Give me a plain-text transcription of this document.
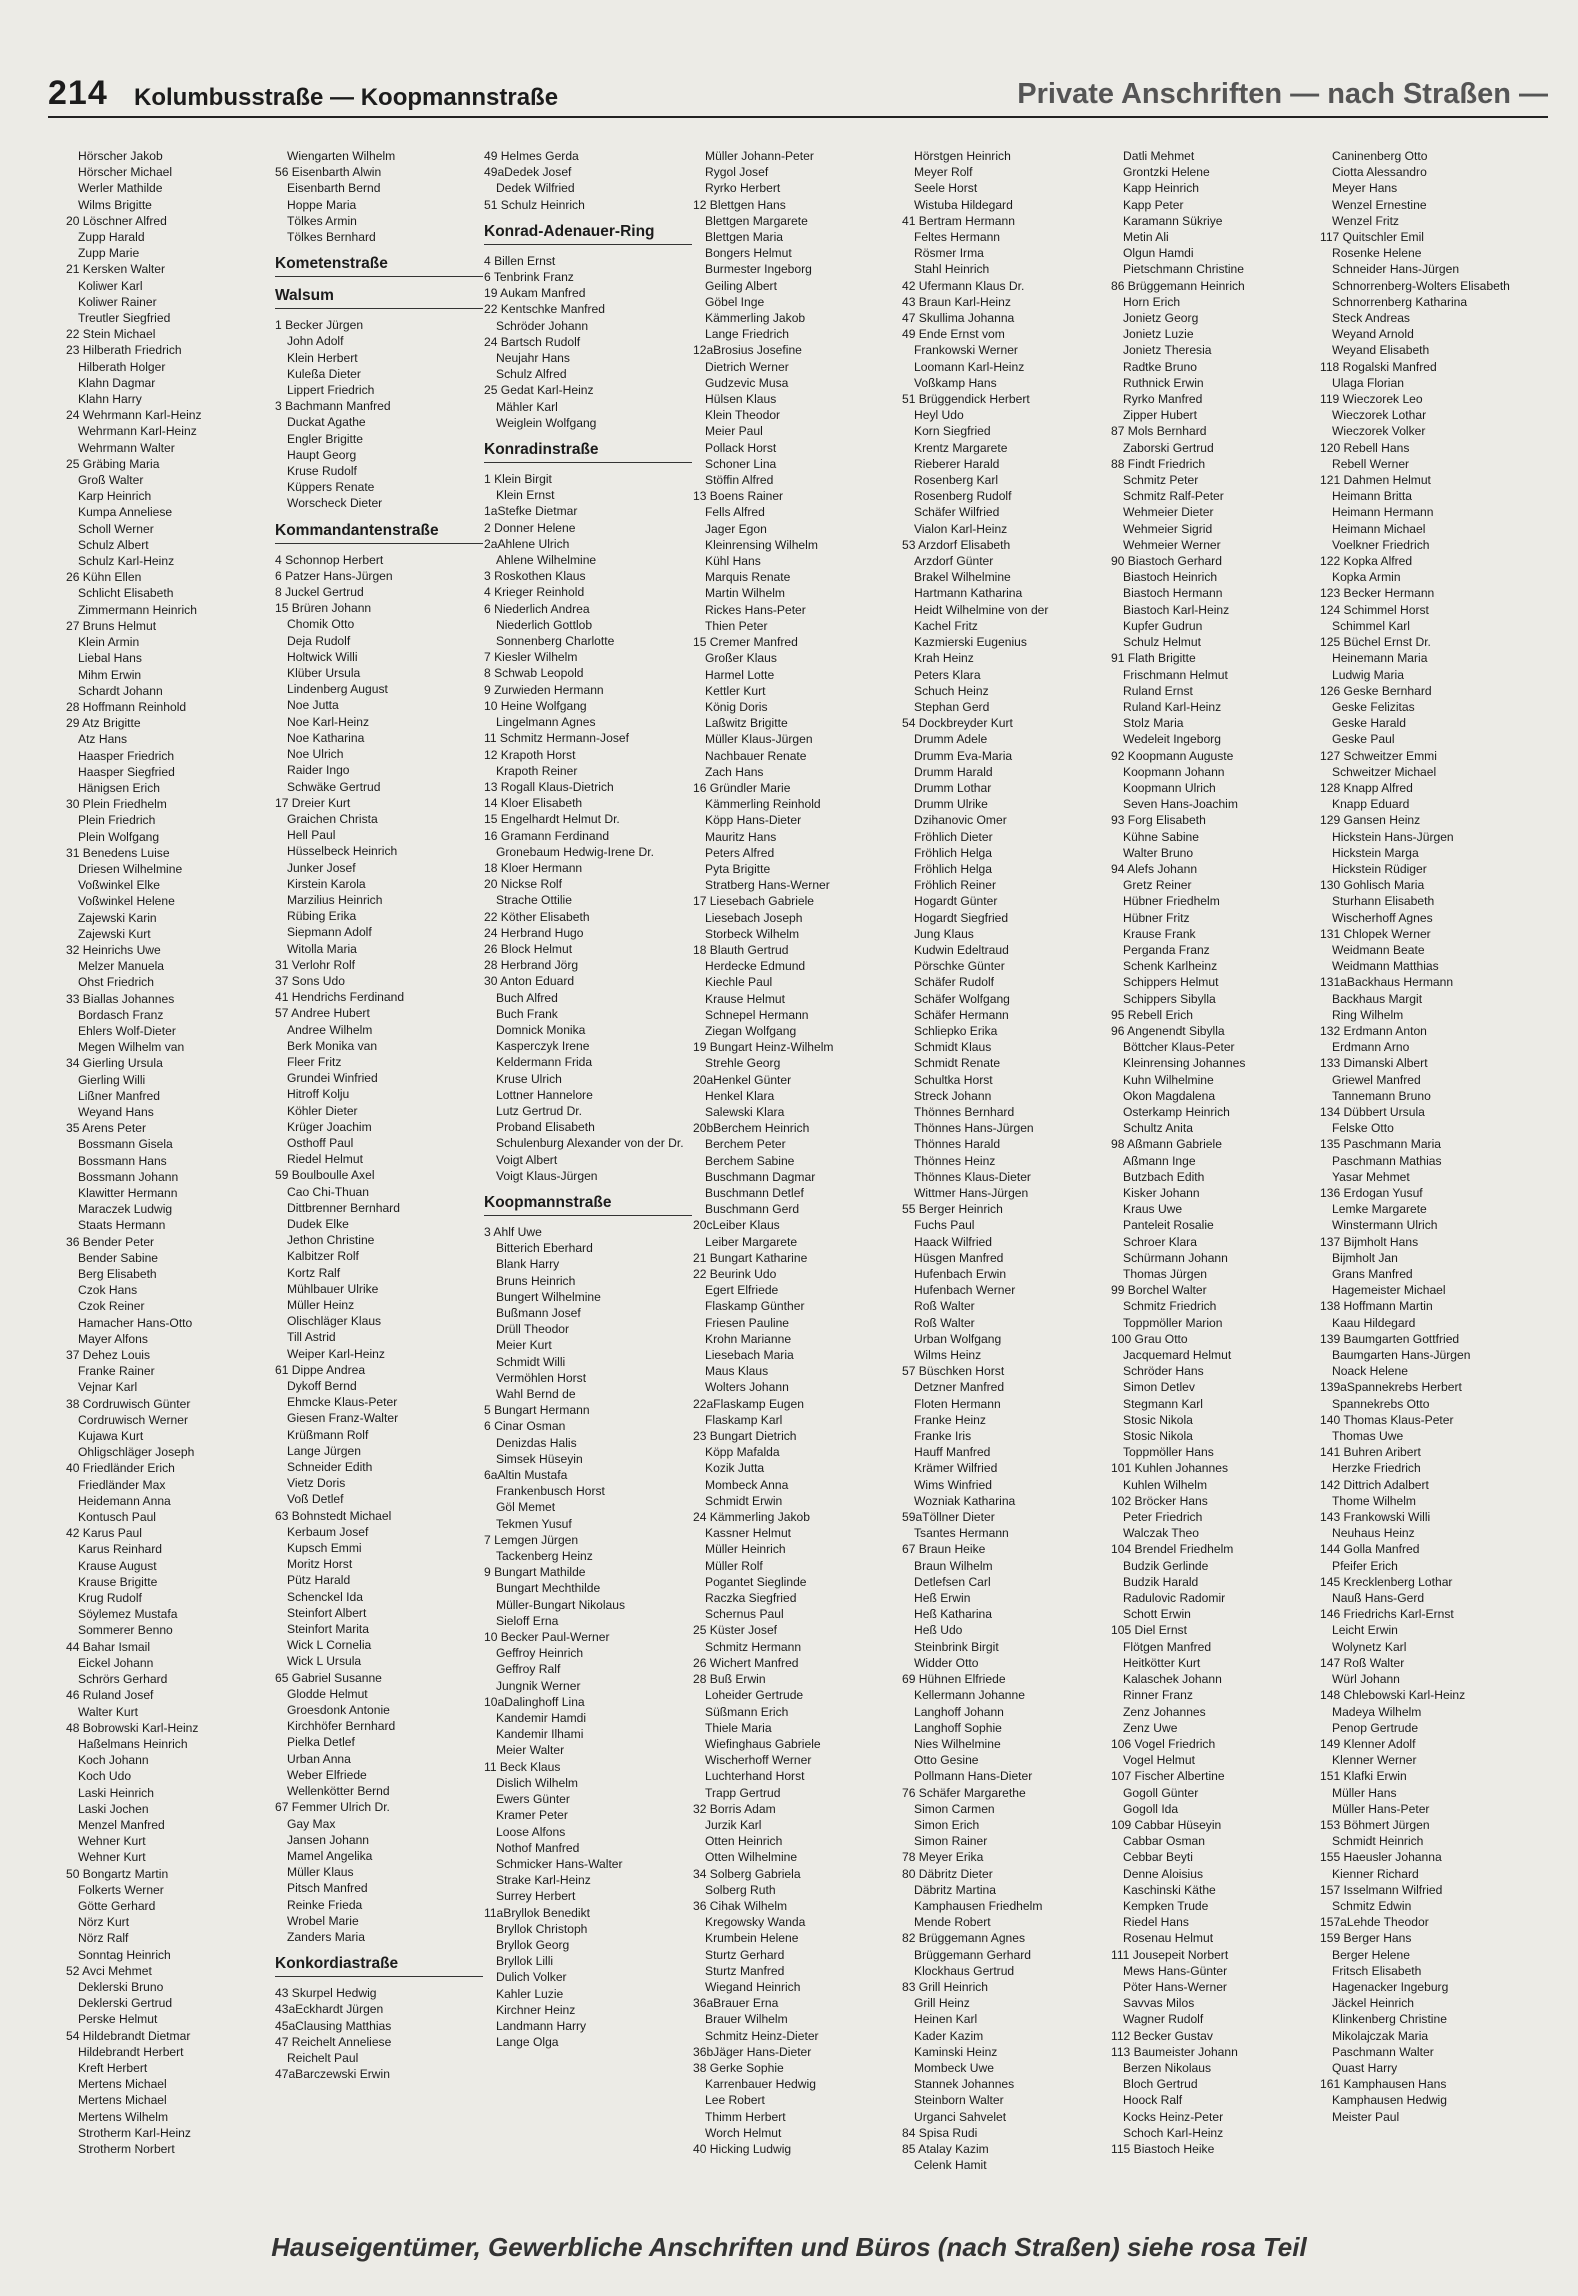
214 Kolumbusstraße — Koopmannstraße	Private Anschriften — nach Straßen —
Hörscher Jakob
Hörscher Michael
Werler Mathilde
Wilms Brigitte
20 Löschner Alfred
Zupp Harald
Zupp Marie
21 Kersken Walter
Koliwer Karl
Koliwer Rainer
Treutler Siegfried
22 Stein Michael
23 Hilberath Friedrich
Hilberath Holger
Klahn Dagmar
Klahn Harry
24 Wehrmann Karl-Heinz
Wehrmann Karl-Heinz
Wehrmann Walter
25 Gräbing Maria
Groß Walter
Karp Heinrich
Kumpa Anneliese
Scholl Werner
Schulz Albert
Schulz Karl-Heinz
26 Kühn Ellen
Schlicht Elisabeth
Zimmermann Heinrich
27 Bruns Helmut
Klein Armin
Liebal Hans
Mihm Erwin
Schardt Johann
28 Hoffmann Reinhold
29 Atz Brigitte
Atz Hans
Haasper Friedrich
Haasper Siegfried
Hänigsen Erich
30 Plein Friedhelm
Plein Friedrich
Plein Wolfgang
31 Benedens Luise
Driesen Wilhelmine
Voßwinkel Elke
Voßwinkel Helene
Zajewski Karin
Zajewski Kurt
32 Heinrichs Uwe
Melzer Manuela
Ohst Friedrich
33 Biallas Johannes
Bordasch Franz
Ehlers Wolf-Dieter
Megen Wilhelm van
34 Gierling Ursula
Gierling Willi
Lißner Manfred
Weyand Hans
35 Arens Peter
Bossmann Gisela
Bossmann Hans
Bossmann Johann
Klawitter Hermann
Maraczek Ludwig
Staats Hermann
36 Bender Peter
Bender Sabine
Berg Elisabeth
Czok Hans
Czok Reiner
Hamacher Hans-Otto
Mayer Alfons
37 Dehez Louis
Franke Rainer
Vejnar Karl
38 Cordruwisch Günter
Cordruwisch Werner
Kujawa Kurt
Ohligschläger Joseph
40 Friedländer Erich
Friedländer Max
Heidemann Anna
Kontusch Paul
42 Karus Paul
Karus Reinhard
Krause August
Krause Brigitte
Krug Rudolf
Söylemez Mustafa
Sommerer Benno
44 Bahar Ismail
Eickel Johann
Schrörs Gerhard
46 Ruland Josef
Walter Kurt
48 Bobrowski Karl-Heinz
Haßelmans Heinrich
Koch Johann
Koch Udo
Laski Heinrich
Laski Jochen
Menzel Manfred
Wehner Kurt
Wehner Kurt
50 Bongartz Martin
Folkerts Werner
Götte Gerhard
Nörz Kurt
Nörz Ralf
Sonntag Heinrich
52 Avci Mehmet
Deklerski Bruno
Deklerski Gertrud
Perske Helmut
54 Hildebrandt Dietmar
Hildebrandt Herbert
Kreft Herbert
Mertens Michael
Mertens Michael
Mertens Wilhelm
Strotherm Karl-Heinz
Strotherm Norbert
Wiengarten Wilhelm
56 Eisenbarth Alwin
Eisenbarth Bernd
Hoppe Maria
Tölkes Armin
Tölkes Bernhard
Kometenstraße
Walsum
1 Becker Jürgen
John Adolf
Klein Herbert
Kuleßa Dieter
Lippert Friedrich
3 Bachmann Manfred
Duckat Agathe
Engler Brigitte
Haupt Georg
Kruse Rudolf
Küppers Renate
Worscheck Dieter
Kommandantenstraße
4 Schonnop Herbert
6 Patzer Hans-Jürgen
8 Juckel Gertrud
15 Brüren Johann
Chomik Otto
Deja Rudolf
Holtwick Willi
Klüber Ursula
Lindenberg August
Noe Jutta
Noe Karl-Heinz
Noe Katharina
Noe Ulrich
Raider Ingo
Schwäke Gertrud
17 Dreier Kurt
Graichen Christa
Hell Paul
Hüsselbeck Heinrich
Junker Josef
Kirstein Karola
Marzilius Heinrich
Rübing Erika
Siepmann Adolf
Witolla Maria
31 Verlohr Rolf
37 Sons Udo
41 Hendrichs Ferdinand
57 Andree Hubert
Andree Wilhelm
Berk Monika van
Fleer Fritz
Grundei Winfried
Hitroff Kolju
Köhler Dieter
Krüger Joachim
Osthoff Paul
Riedel Helmut
59 Boulboulle Axel
Cao Chi-Thuan
Dittbrenner Bernhard
Dudek Elke
Jethon Christine
Kalbitzer Rolf
Kortz Ralf
Mühlbauer Ulrike
Müller Heinz
Olischläger Klaus
Till Astrid
Weiper Karl-Heinz
61 Dippe Andrea
Dykoff Bernd
Ehmcke Klaus-Peter
Giesen Franz-Walter
Krüßmann Rolf
Lange Jürgen
Schneider Edith
Vietz Doris
Voß Detlef
63 Bohnstedt Michael
Kerbaum Josef
Kupsch Emmi
Moritz Horst
Pütz Harald
Schenckel Ida
Steinfort Albert
Steinfort Marita
Wick L Cornelia
Wick L Ursula
65 Gabriel Susanne
Glodde Helmut
Groesdonk Antonie
Kirchhöfer Bernhard
Pielka Detlef
Urban Anna
Weber Elfriede
Wellenkötter Bernd
67 Femmer Ulrich Dr.
Gay Max
Jansen Johann
Mamel Angelika
Müller Klaus
Pitsch Manfred
Reinke Frieda
Wrobel Marie
Zanders Maria
Konkordiastraße
43 Skurpel Hedwig
43aEckhardt Jürgen
45aClausing Matthias
47 Reichelt Anneliese
Reichelt Paul
47aBarczewski Erwin
49 Helmes Gerda
49aDedek Josef
Dedek Wilfried
51 Schulz Heinrich
Konrad-Adenauer-Ring
4 Billen Ernst
6 Tenbrink Franz
19 Aukam Manfred
22 Kentschke Manfred
Schröder Johann
24 Bartsch Rudolf
Neujahr Hans
Schulz Alfred
25 Gedat Karl-Heinz
Mähler Karl
Weiglein Wolfgang
Konradinstraße
1 Klein Birgit
Klein Ernst
1aStefke Dietmar
2 Donner Helene
2aAhlene Ulrich
Ahlene Wilhelmine
3 Roskothen Klaus
4 Krieger Reinhold
6 Niederlich Andrea
Niederlich Gottlob
Sonnenberg Charlotte
7 Kiesler Wilhelm
8 Schwab Leopold
9 Zurwieden Hermann
10 Heine Wolfgang
Lingelmann Agnes
11 Schmitz Hermann-Josef
12 Krapoth Horst
Krapoth Reiner
13 Rogall Klaus-Dietrich
14 Kloer Elisabeth
15 Engelhardt Helmut Dr.
16 Gramann Ferdinand
Gronebaum Hedwig-Irene Dr.
18 Kloer Hermann
20 Nickse Rolf
Strache Ottilie
22 Köther Elisabeth
24 Herbrand Hugo
26 Block Helmut
28 Herbrand Jörg
30 Anton Eduard
Buch Alfred
Buch Frank
Domnick Monika
Kasperczyk Irene
Keldermann Frida
Kruse Ulrich
Lottner Hannelore
Lutz Gertrud Dr.
Proband Elisabeth
Schulenburg Alexander von der Dr.
Voigt Albert
Voigt Klaus-Jürgen
Koopmannstraße
3 Ahlf Uwe
Bitterich Eberhard
Blank Harry
Bruns Heinrich
Bungert Wilhelmine
Bußmann Josef
Drüll Theodor
Meier Kurt
Schmidt Willi
Vermöhlen Horst
Wahl Bernd de
5 Bungart Hermann
6 Cinar Osman
Denizdas Halis
Simsek Hüseyin
6aAltin Mustafa
Frankenbusch Horst
Göl Memet
Tekmen Yusuf
7 Lemgen Jürgen
Tackenberg Heinz
9 Bungart Mathilde
Bungart Mechthilde
Müller-Bungart Nikolaus
Sieloff Erna
10 Becker Paul-Werner
Geffroy Heinrich
Geffroy Ralf
Jungnik Werner
10aDalinghoff Lina
Kandemir Hamdi
Kandemir Ilhami
Meier Walter
11 Beck Klaus
Dislich Wilhelm
Ewers Günter
Kramer Peter
Loose Alfons
Nothof Manfred
Schmicker Hans-Walter
Strake Karl-Heinz
Surrey Herbert
11aBryllok Benedikt
Bryllok Christoph
Bryllok Georg
Bryllok Lilli
Dulich Volker
Kahler Luzie
Kirchner Heinz
Landmann Harry
Lange Olga
Müller Johann-Peter
Rygol Josef
Ryrko Herbert
12 Blettgen Hans
Blettgen Margarete
Blettgen Maria
Bongers Helmut
Burmester Ingeborg
Geiling Albert
Göbel Inge
Kämmerling Jakob
Lange Friedrich
12aBrosius Josefine
Dietrich Werner
Gudzevic Musa
Hülsen Klaus
Klein Theodor
Meier Paul
Pollack Horst
Schoner Lina
Stöffin Alfred
13 Boens Rainer
Fells Alfred
Jager Egon
Kleinrensing Wilhelm
Kühl Hans
Marquis Renate
Martin Wilhelm
Rickes Hans-Peter
Thien Peter
15 Cremer Manfred
Großer Klaus
Harmel Lotte
Kettler Kurt
König Doris
Laßwitz Brigitte
Müller Klaus-Jürgen
Nachbauer Renate
Zach Hans
16 Gründler Marie
Kämmerling Reinhold
Köpp Hans-Dieter
Mauritz Hans
Peters Alfred
Pyta Brigitte
Stratberg Hans-Werner
17 Liesebach Gabriele
Liesebach Joseph
Storbeck Wilhelm
18 Blauth Gertrud
Herdecke Edmund
Kiechle Paul
Krause Helmut
Schnepel Hermann
Ziegan Wolfgang
19 Bungart Heinz-Wilhelm
Strehle Georg
20aHenkel Günter
Henkel Klara
Salewski Klara
20bBerchem Heinrich
Berchem Peter
Berchem Sabine
Buschmann Dagmar
Buschmann Detlef
Buschmann Gerd
20cLeiber Klaus
Leiber Margarete
21 Bungart Katharine
22 Beurink Udo
Egert Elfriede
Flaskamp Günther
Friesen Pauline
Krohn Marianne
Liesebach Maria
Maus Klaus
Wolters Johann
22aFlaskamp Eugen
Flaskamp Karl
23 Bungart Dietrich
Köpp Mafalda
Kozik Jutta
Mombeck Anna
Schmidt Erwin
24 Kämmerling Jakob
Kassner Helmut
Müller Heinrich
Müller Rolf
Pogantet Sieglinde
Raczka Siegfried
Schernus Paul
25 Küster Josef
Schmitz Hermann
26 Wichert Manfred
28 Buß Erwin
Loheider Gertrude
Süßmann Erich
Thiele Maria
Wiefinghaus Gabriele
Wischerhoff Werner
Luchterhand Horst
Trapp Gertrud
32 Borris Adam
Jurzik Karl
Otten Heinrich
Otten Wilhelmine
34 Solberg Gabriela
Solberg Ruth
36 Cihak Wilhelm
Kregowsky Wanda
Krumbein Helene
Sturtz Gerhard
Sturtz Manfred
Wiegand Heinrich
36aBrauer Erna
Brauer Wilhelm
Schmitz Heinz-Dieter
36bJäger Hans-Dieter
38 Gerke Sophie
Karrenbauer Hedwig
Lee Robert
Thimm Herbert
Worch Helmut
40 Hicking Ludwig
Hörstgen Heinrich
Meyer Rolf
Seele Horst
Wistuba Hildegard
41 Bertram Hermann
Feltes Hermann
Rösmer Irma
Stahl Heinrich
42 Ufermann Klaus Dr.
43 Braun Karl-Heinz
47 Skullima Johanna
49 Ende Ernst vom
Frankowski Werner
Loomann Karl-Heinz
Voßkamp Hans
51 Brüggendick Herbert
Heyl Udo
Korn Siegfried
Krentz Margarete
Rieberer Harald
Rosenberg Karl
Rosenberg Rudolf
Schäfer Wilfried
Vialon Karl-Heinz
53 Arzdorf Elisabeth
Arzdorf Günter
Brakel Wilhelmine
Hartmann Katharina
Heidt Wilhelmine von der
Kachel Fritz
Kazmierski Eugenius
Krah Heinz
Peters Klara
Schuch Heinz
Stephan Gerd
54 Dockbreyder Kurt
Drumm Adele
Drumm Eva-Maria
Drumm Harald
Drumm Lothar
Drumm Ulrike
Dzihanovic Omer
Fröhlich Dieter
Fröhlich Helga
Fröhlich Helga
Fröhlich Reiner
Hogardt Günter
Hogardt Siegfried
Jung Klaus
Kudwin Edeltraud
Pörschke Günter
Schäfer Rudolf
Schäfer Wolfgang
Schäfer Hermann
Schliepko Erika
Schmidt Klaus
Schmidt Renate
Schultka Horst
Streck Johann
Thönnes Bernhard
Thönnes Hans-Jürgen
Thönnes Harald
Thönnes Heinz
Thönnes Klaus-Dieter
Wittmer Hans-Jürgen
55 Berger Heinrich
Fuchs Paul
Haack Wilfried
Hüsgen Manfred
Hufenbach Erwin
Hufenbach Werner
Roß Walter
Roß Walter
Urban Wolfgang
Wilms Heinz
57 Büschken Horst
Detzner Manfred
Floten Hermann
Franke Heinz
Franke Iris
Hauff Manfred
Krämer Wilfried
Wims Winfried
Wozniak Katharina
59aTöllner Dieter
Tsantes Hermann
67 Braun Heike
Braun Wilhelm
Detlefsen Carl
Heß Erwin
Heß Katharina
Heß Udo
Steinbrink Birgit
Widder Otto
69 Hühnen Elfriede
Kellermann Johanne
Langhoff Johann
Langhoff Sophie
Nies Wilhelmine
Otto Gesine
Pollmann Hans-Dieter
76 Schäfer Margarethe
Simon Carmen
Simon Erich
Simon Rainer
78 Meyer Erika
80 Däbritz Dieter
Däbritz Martina
Kamphausen Friedhelm
Mende Robert
82 Brüggemann Agnes
Brüggemann Gerhard
Klockhaus Gertrud
83 Grill Heinrich
Grill Heinz
Heinen Karl
Kader Kazim
Kaminski Heinz
Mombeck Uwe
Stannek Johannes
Steinborn Walter
Urganci Sahvelet
84 Spisa Rudi
85 Atalay Kazim
Celenk Hamit
Datli Mehmet
Grontzki Helene
Kapp Heinrich
Kapp Peter
Karamann Sükriye
Metin Ali
Olgun Hamdi
Pietschmann Christine
86 Brüggemann Heinrich
Horn Erich
Jonietz Georg
Jonietz Luzie
Jonietz Theresia
Radtke Bruno
Ruthnick Erwin
Ryrko Manfred
Zipper Hubert
87 Mols Bernhard
Zaborski Gertrud
88 Findt Friedrich
Schmitz Peter
Schmitz Ralf-Peter
Wehmeier Dieter
Wehmeier Sigrid
Wehmeier Werner
90 Biastoch Gerhard
Biastoch Heinrich
Biastoch Hermann
Biastoch Karl-Heinz
Kupfer Gudrun
Schulz Helmut
91 Flath Brigitte
Frischmann Helmut
Ruland Ernst
Ruland Karl-Heinz
Stolz Maria
Wedeleit Ingeborg
92 Koopmann Auguste
Koopmann Johann
Koopmann Ulrich
Seven Hans-Joachim
93 Forg Elisabeth
Kühne Sabine
Walter Bruno
94 Alefs Johann
Gretz Reiner
Hübner Friedhelm
Hübner Fritz
Krause Frank
Perganda Franz
Schenk Karlheinz
Schippers Helmut
Schippers Sibylla
95 Rebell Erich
96 Angenendt Sibylla
Böttcher Klaus-Peter
Kleinrensing Johannes
Kuhn Wilhelmine
Okon Magdalena
Osterkamp Heinrich
Schultz Anita
98 Aßmann Gabriele
Aßmann Inge
Butzbach Edith
Kisker Johann
Kraus Uwe
Panteleit Rosalie
Schroer Klara
Schürmann Johann
Thomas Jürgen
99 Borchel Walter
Schmitz Friedrich
Toppmöller Marion
100 Grau Otto
Jacquemard Helmut
Schröder Hans
Simon Detlev
Stegmann Karl
Stosic Nikola
Stosic Nikola
Toppmöller Hans
101 Kuhlen Johannes
Kuhlen Wilhelm
102 Bröcker Hans
Peter Friedrich
Walczak Theo
104 Brendel Friedhelm
Budzik Gerlinde
Budzik Harald
Radulovic Radomir
Schott Erwin
105 Diel Ernst
Flötgen Manfred
Heitkötter Kurt
Kalaschek Johann
Rinner Franz
Zenz Johannes
Zenz Uwe
106 Vogel Friedrich
Vogel Helmut
107 Fischer Albertine
Gogoll Günter
Gogoll Ida
109 Cabbar Hüseyin
Cabbar Osman
Cebbar Beyti
Denne Aloisius
Kaschinski Käthe
Kempken Trude
Riedel Hans
Rosenau Helmut
111 Jousepeit Norbert
Mews Hans-Günter
Pöter Hans-Werner
Savvas Milos
Wagner Rudolf
112 Becker Gustav
113 Baumeister Johann
Berzen Nikolaus
Bloch Gertrud
Hoock Ralf
Kocks Heinz-Peter
Schoch Karl-Heinz
115 Biastoch Heike
Caninenberg Otto
Ciotta Alessandro
Meyer Hans
Wenzel Ernestine
Wenzel Fritz
117 Quitschler Emil
Rosenke Helene
Schneider Hans-Jürgen
Schnorrenberg-Wolters Elisabeth
Schnorrenberg Katharina
Steck Andreas
Weyand Arnold
Weyand Elisabeth
118 Rogalski Manfred
Ulaga Florian
119 Wieczorek Leo
Wieczorek Lothar
Wieczorek Volker
120 Rebell Hans
Rebell Werner
121 Dahmen Helmut
Heimann Britta
Heimann Hermann
Heimann Michael
Voelkner Friedrich
122 Kopka Alfred
Kopka Armin
123 Becker Hermann
124 Schimmel Horst
Schimmel Karl
125 Büchel Ernst Dr.
Heinemann Maria
Ludwig Maria
126 Geske Bernhard
Geske Felizitas
Geske Harald
Geske Paul
127 Schweitzer Emmi
Schweitzer Michael
128 Knapp Alfred
Knapp Eduard
129 Gansen Heinz
Hickstein Hans-Jürgen
Hickstein Marga
Hickstein Rüdiger
130 Gohlisch Maria
Sturhann Elisabeth
Wischerhoff Agnes
131 Chlopek Werner
Weidmann Beate
Weidmann Matthias
131aBackhaus Hermann
Backhaus Margit
Ring Wilhelm
132 Erdmann Anton
Erdmann Arno
133 Dimanski Albert
Griewel Manfred
Tannemann Bruno
134 Dübbert Ursula
Felske Otto
135 Paschmann Maria
Paschmann Mathias
Yasar Mehmet
136 Erdogan Yusuf
Lemke Margarete
Winstermann Ulrich
137 Bijmholt Hans
Bijmholt Jan
Grans Manfred
Hagemeister Michael
138 Hoffmann Martin
Kaau Hildegard
139 Baumgarten Gottfried
Baumgarten Hans-Jürgen
Noack Helene
139aSpannekrebs Herbert
Spannekrebs Otto
140 Thomas Klaus-Peter
Thomas Uwe
141 Buhren Aribert
Herzke Friedrich
142 Dittrich Adalbert
Thome Wilhelm
143 Frankowski Willi
Neuhaus Heinz
144 Golla Manfred
Pfeifer Erich
145 Krecklenberg Lothar
Nauß Hans-Gerd
146 Friedrichs Karl-Ernst
Leicht Erwin
Wolynetz Karl
147 Roß Walter
Würl Johann
148 Chlebowski Karl-Heinz
Madeya Wilhelm
Penop Gertrude
149 Klenner Adolf
Klenner Werner
151 Klafki Erwin
Müller Hans
Müller Hans-Peter
153 Böhmert Jürgen
Schmidt Heinrich
155 Haeusler Johanna
Kienner Richard
157 Isselmann Wilfried
Schmitz Edwin
157aLehde Theodor
159 Berger Hans
Berger Helene
Fritsch Elisabeth
Hagenacker Ingeburg
Jäckel Heinrich
Klinkenberg Christine
Mikolajczak Maria
Paschmann Walter
Quast Harry
161 Kamphausen Hans
Kamphausen Hedwig
Meister Paul
Hauseigentümer, Gewerbliche Anschriften und Büros (nach Straßen) siehe rosa Teil
